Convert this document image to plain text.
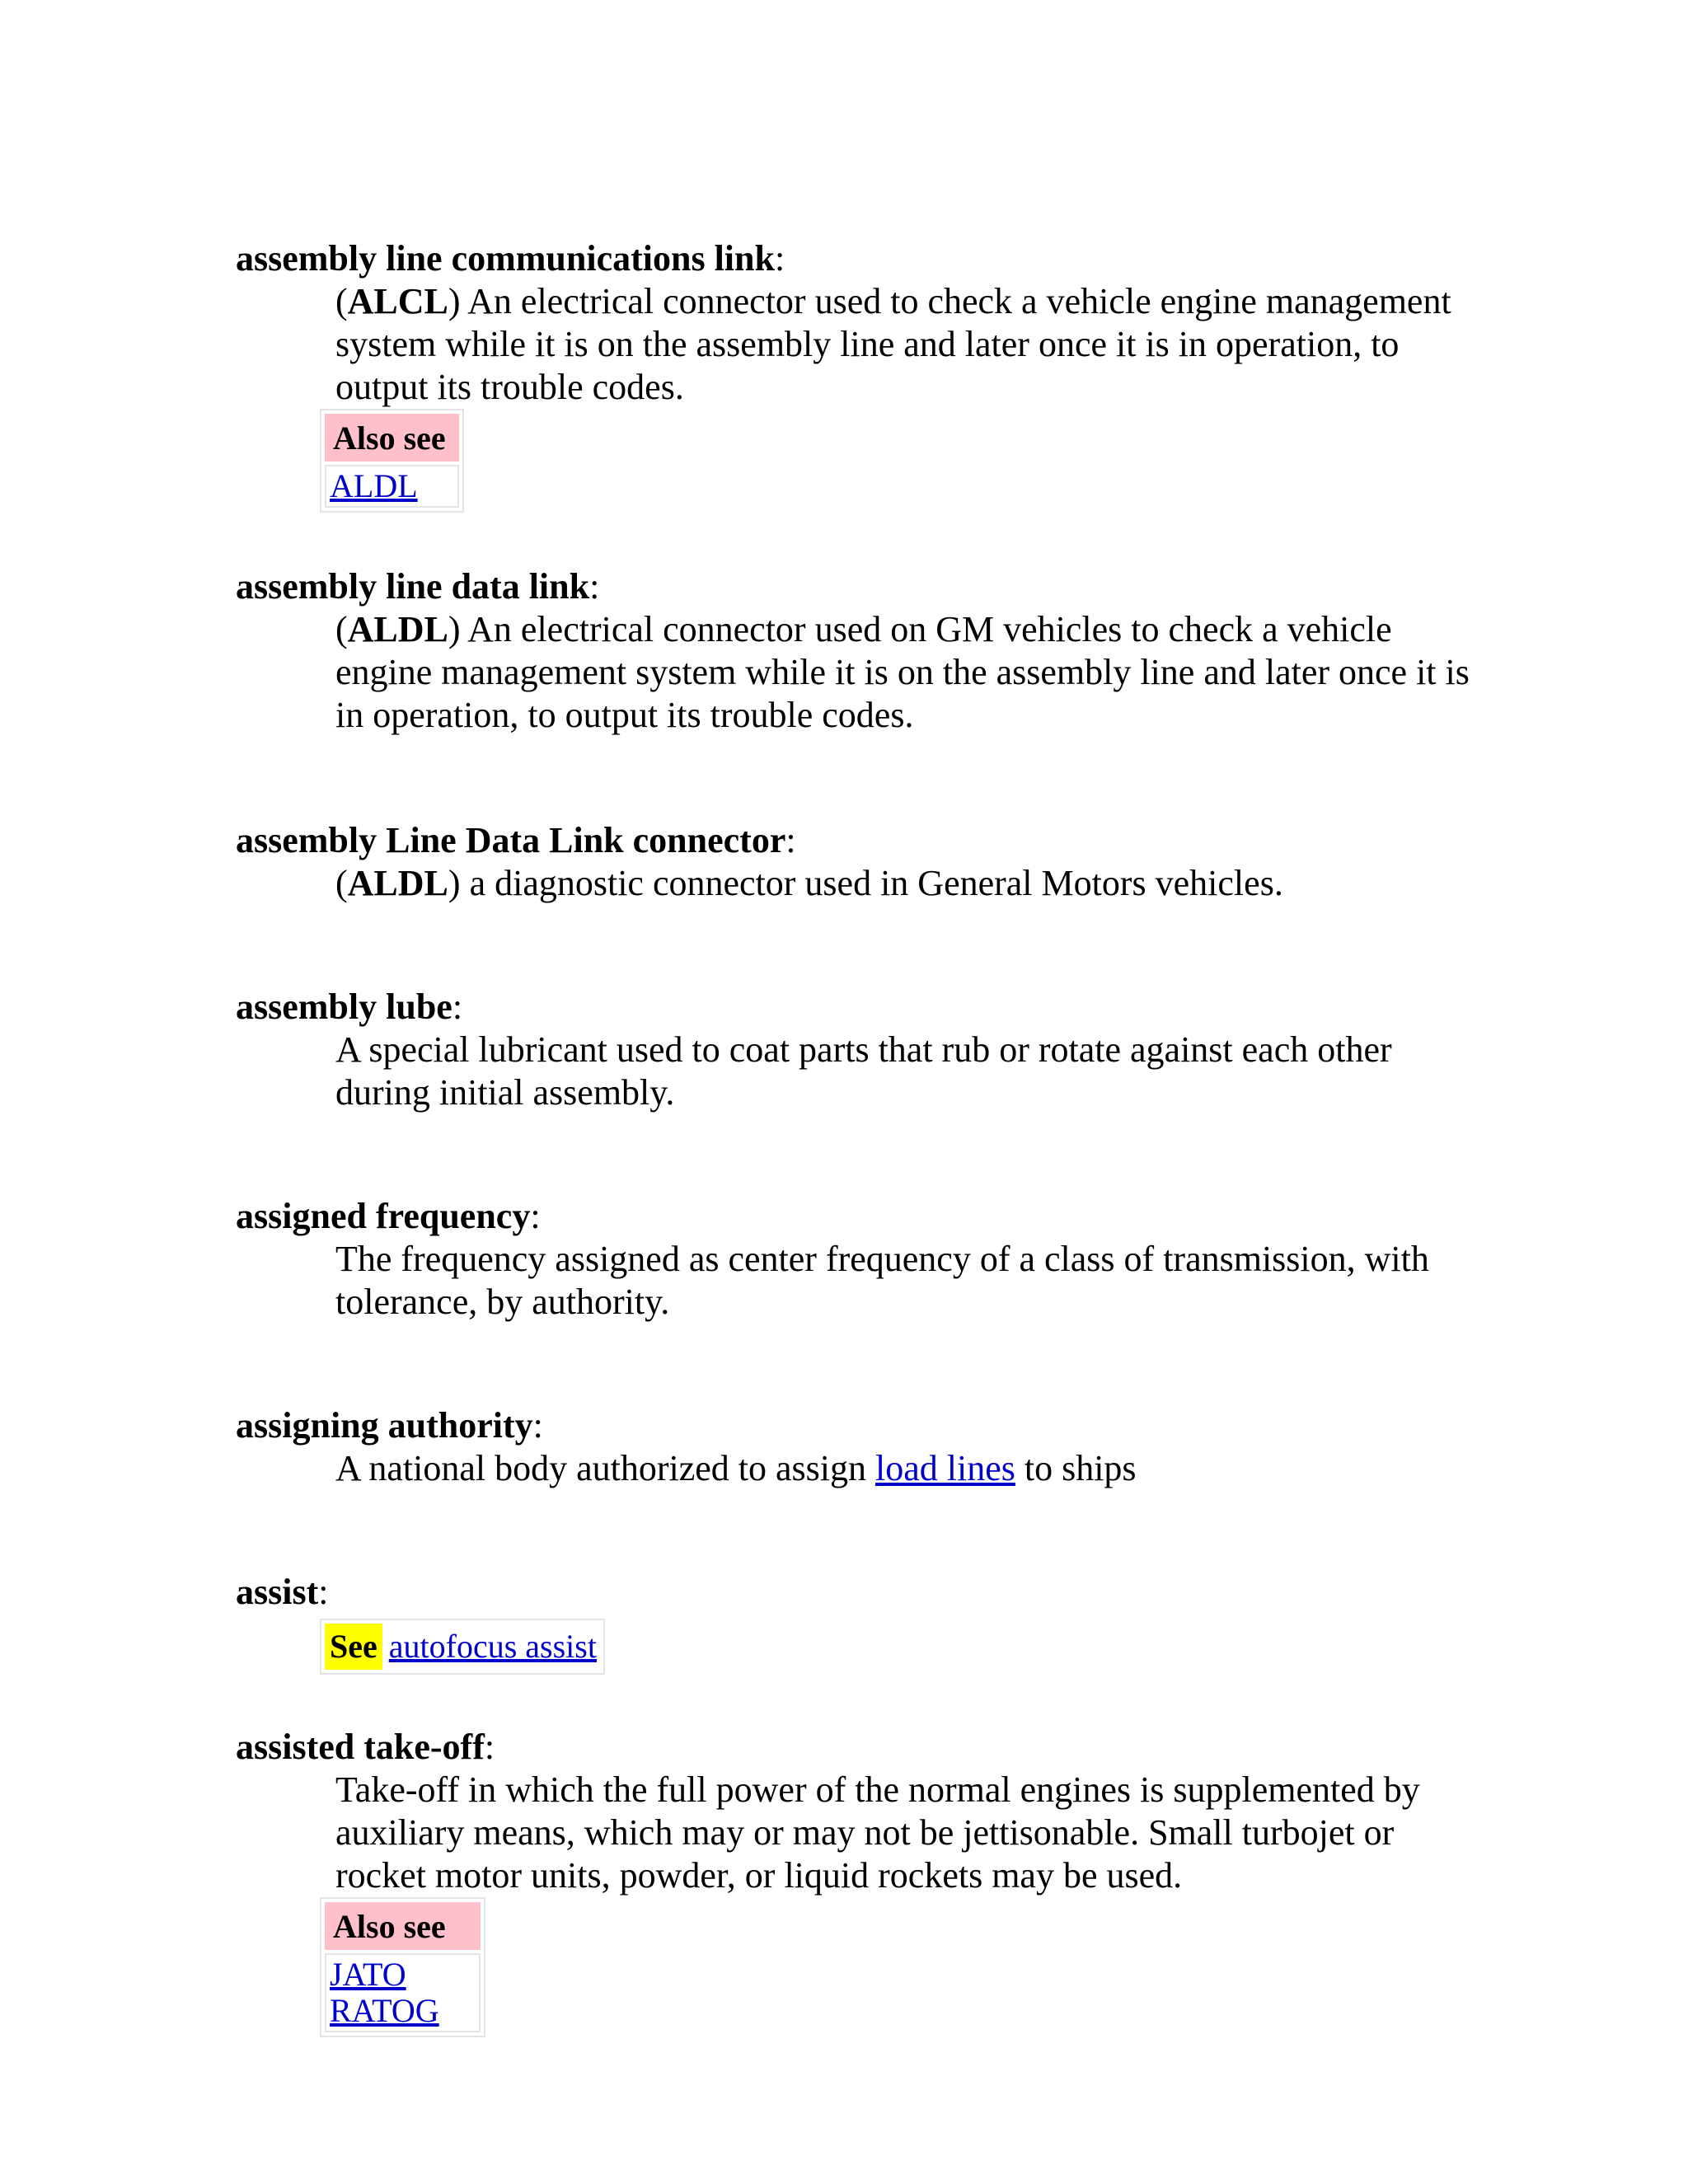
assembly line communications link:

(ALCL) An electrical connector used to check a vehicle engine management system while it is on the assembly line and later once it is in operation, to output its trouble codes.

Also see

ALDL

assembly line data link:

(ALDL) An electrical connector used on GM vehicles to check a vehicle engine management system while it is on the assembly line and later once it is in operation, to output its trouble codes.

assembly Line Data Link connector:

(ALDL) a diagnostic connector used in General Motors vehicles.

assembly lube:

A special lubricant used to coat parts that rub or rotate against each other during initial assembly.

assigned frequency:

The frequency assigned as center frequency of a class of transmission, with tolerance, by authority.

assigning authority:

A national body authorized to assign load lines to ships

assist:

See	autofocus assist

assisted take-off:

Take-off in which the full power of the normal engines is supplemented by auxiliary means, which may or may not be jettisonable. Small turbojet or rocket motor units, powder, or liquid rockets may be used.

Also see

JATO
RATOG
